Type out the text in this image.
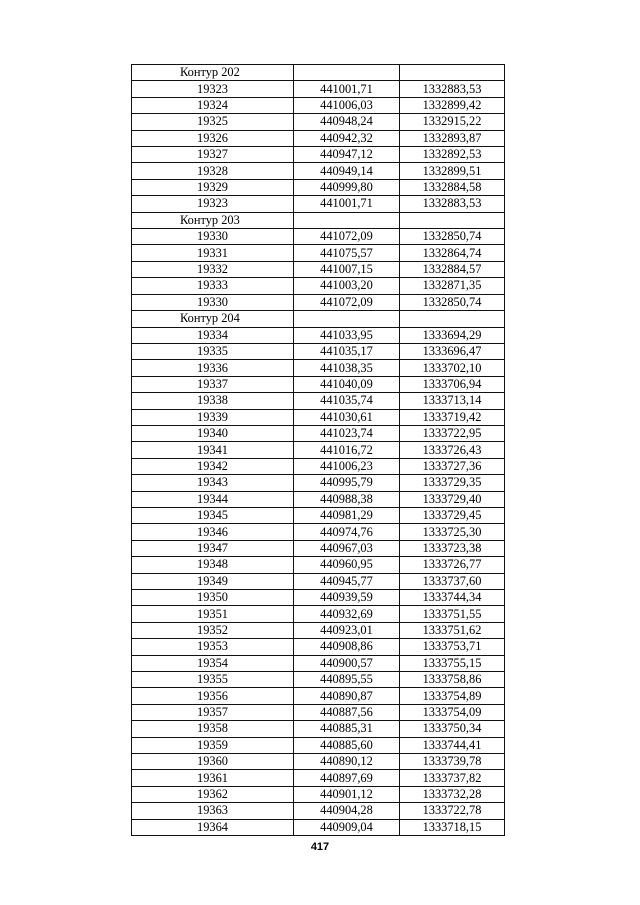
Контур 202		
19323	441001,71	1332883,53
19324	441006,03	1332899,42
19325	440948,24	1332915,22
19326	440942,32	1332893,87
19327	440947,12	1332892,53
19328	440949,14	1332899,51
19329	440999,80	1332884,58
19323	441001,71	1332883,53
Контур 203		
19330	441072,09	1332850,74
19331	441075,57	1332864,74
19332	441007,15	1332884,57
19333	441003,20	1332871,35
19330	441072,09	1332850,74
Контур 204		
19334	441033,95	1333694,29
19335	441035,17	1333696,47
19336	441038,35	1333702,10
19337	441040,09	1333706,94
19338	441035,74	1333713,14
19339	441030,61	1333719,42
19340	441023,74	1333722,95
19341	441016,72	1333726,43
19342	441006,23	1333727,36
19343	440995,79	1333729,35
19344	440988,38	1333729,40
19345	440981,29	1333729,45
19346	440974,76	1333725,30
19347	440967,03	1333723,38
19348	440960,95	1333726,77
19349	440945,77	1333737,60
19350	440939,59	1333744,34
19351	440932,69	1333751,55
19352	440923,01	1333751,62
19353	440908,86	1333753,71
19354	440900,57	1333755,15
19355	440895,55	1333758,86
19356	440890,87	1333754,89
19357	440887,56	1333754,09
19358	440885,31	1333750,34
19359	440885,60	1333744,41
19360	440890,12	1333739,78
19361	440897,69	1333737,82
19362	440901,12	1333732,28
19363	440904,28	1333722,78
19364	440909,04	1333718,15
417
